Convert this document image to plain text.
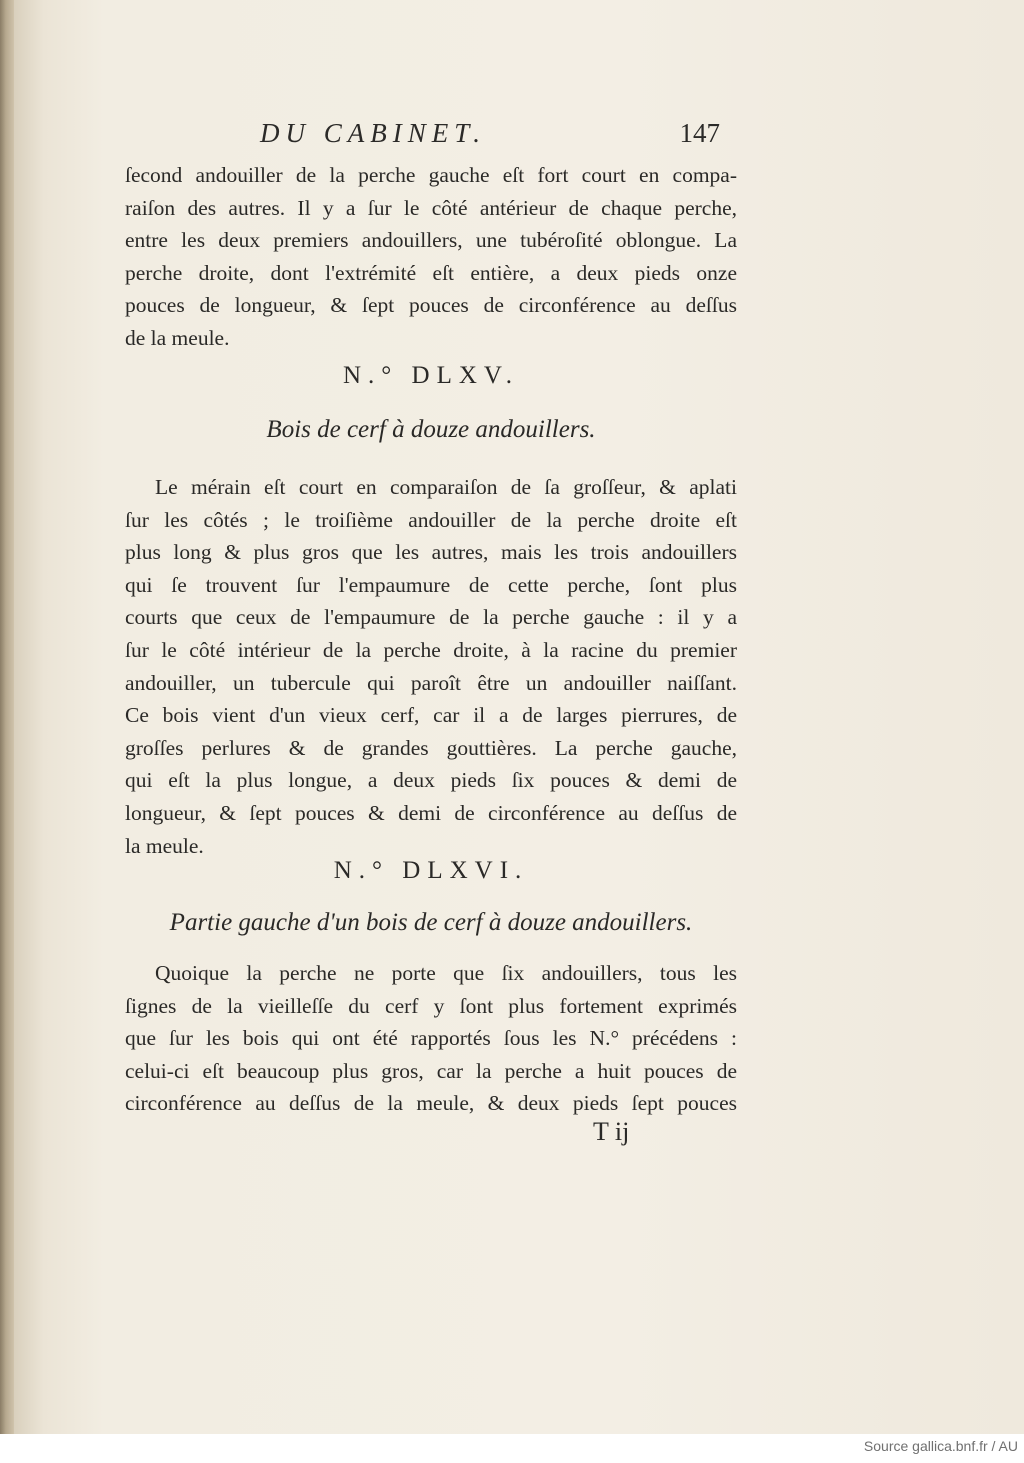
DU CABINET.	147
ſecond andouiller de la perche gauche eſt fort court en compa-
raiſon des autres. Il y a ſur le côté antérieur de chaque perche,
entre les deux premiers andouillers, une tubéroſité oblongue. La
perche droite, dont l'extrémité eſt entière, a deux pieds onze
pouces de longueur, & ſept pouces de circonférence au deſſus
de la meule.
N.° DLXV.
Bois de cerf à douze andouillers.
Le mérain eſt court en comparaiſon de ſa groſſeur, & aplati
ſur les côtés ; le troiſième andouiller de la perche droite eſt
plus long & plus gros que les autres, mais les trois andouillers
qui ſe trouvent ſur l'empaumure de cette perche, ſont plus
courts que ceux de l'empaumure de la perche gauche : il y a
ſur le côté intérieur de la perche droite, à la racine du premier
andouiller, un tubercule qui paroît être un andouiller naiſſant.
Ce bois vient d'un vieux cerf, car il a de larges pierrures, de
groſſes perlures & de grandes gouttières. La perche gauche,
qui eſt la plus longue, a deux pieds ſix pouces & demi de
longueur, & ſept pouces & demi de circonférence au deſſus de
la meule.
N.° DLXVI.
Partie gauche d'un bois de cerf à douze andouillers.
Quoique la perche ne porte que ſix andouillers, tous les
ſignes de la vieilleſſe du cerf y ſont plus fortement exprimés
que ſur les bois qui ont été rapportés ſous les N.° précédens :
celui-ci eſt beaucoup plus gros, car la perche a huit pouces de
circonférence au deſſus de la meule, & deux pieds ſept pouces
T ij
Source gallica.bnf.fr / AU
